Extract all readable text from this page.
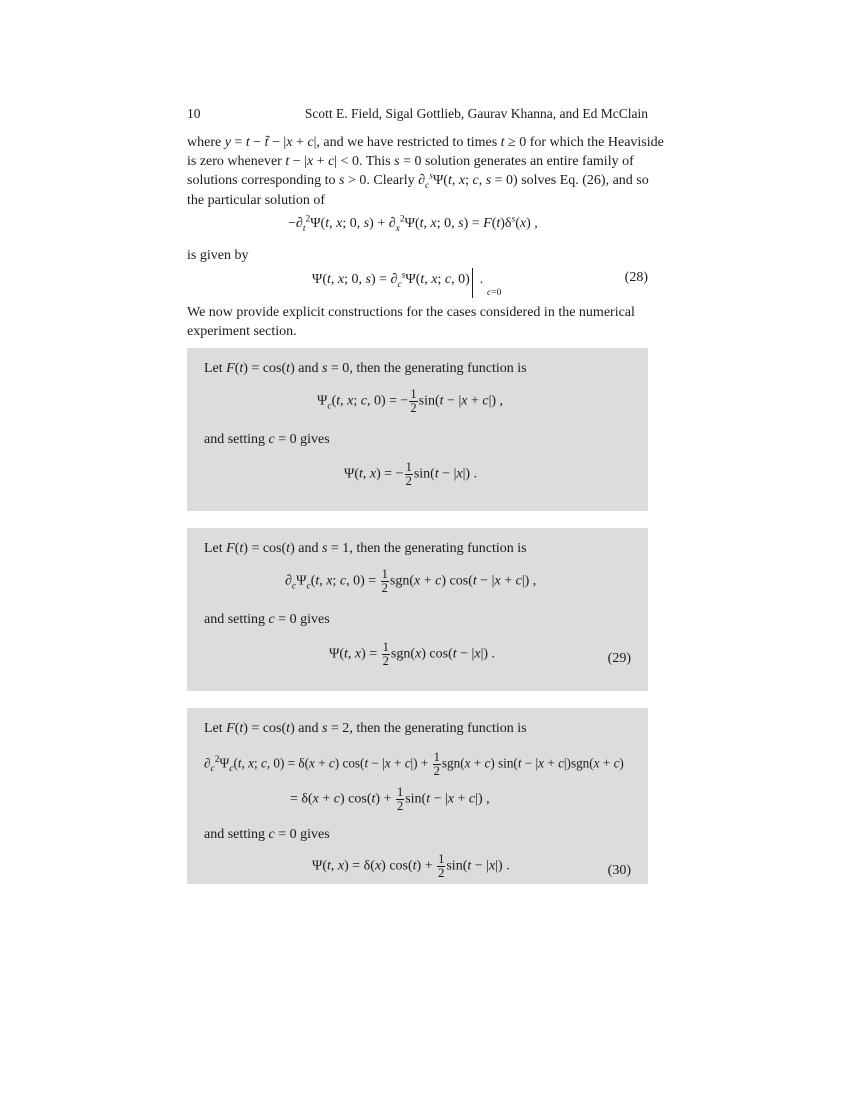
10	Scott E. Field, Sigal Gottlieb, Gaurav Khanna, and Ed McClain
where y = t − t̃ − |x + c|, and we have restricted to times t ≥ 0 for which the Heaviside
is zero whenever t − |x + c| < 0. This s = 0 solution generates an entire family of
solutions corresponding to s > 0. Clearly $\partial_c^s\Psi(t$, x; c, s = 0) solves Eq. (26), and so
the particular solution of
$-\partial_t^2\Psi(t$, x; 0, $s) + \partial_x^2\Psi(t$, x; 0, $s) = F(t)\delta^s(x)$ ,
is given by
Ψ(t, x; 0, $s) = \partial_c^s\Psi(t$, x; c, 0)  .
c=0
(28)
We now provide explicit constructions for the cases considered in the numerical
experiment section.
Let F(t) = cos(t) and s = 0, then the generating function is
$\Psi_c(t$, x; c, 0) = − $\frac{1}{2} \sin(t - |x + c|)$ ,
and setting c = 0 gives
Ψ(t, x) = − $\frac{1}{2} \sin(t - |x|)$ .
Let F(t) = cos(t) and s = 1, then the generating function is
$\partial_c\Psi_c(t$, x; c, $0) = \frac{1}{2} sgn(x + c) \cos(t - |x + c|)$ ,
and setting c = 0 gives
Ψ(t, $x) = \frac{1}{2} sgn(x) \cos(t - |x|)$ .	(29)
Let F(t) = cos(t) and s = 2, then the generating function is
$\partial_c^2\Psi_c(t$, x; c, 0) = δ(x + c) $\cos(t - |x + c|) + \frac{1}{2} sgn(x + c) \sin(t - |x + c|)sgn(x + c)$
= δ(x + c) $\cos(t) + \frac{1}{2} \sin(t - |x + c|)$ ,
and setting c = 0 gives
Ψ(t, x) = δ(x) $\cos(t) + \frac{1}{2} \sin(t - |x|)$ .	(30)
